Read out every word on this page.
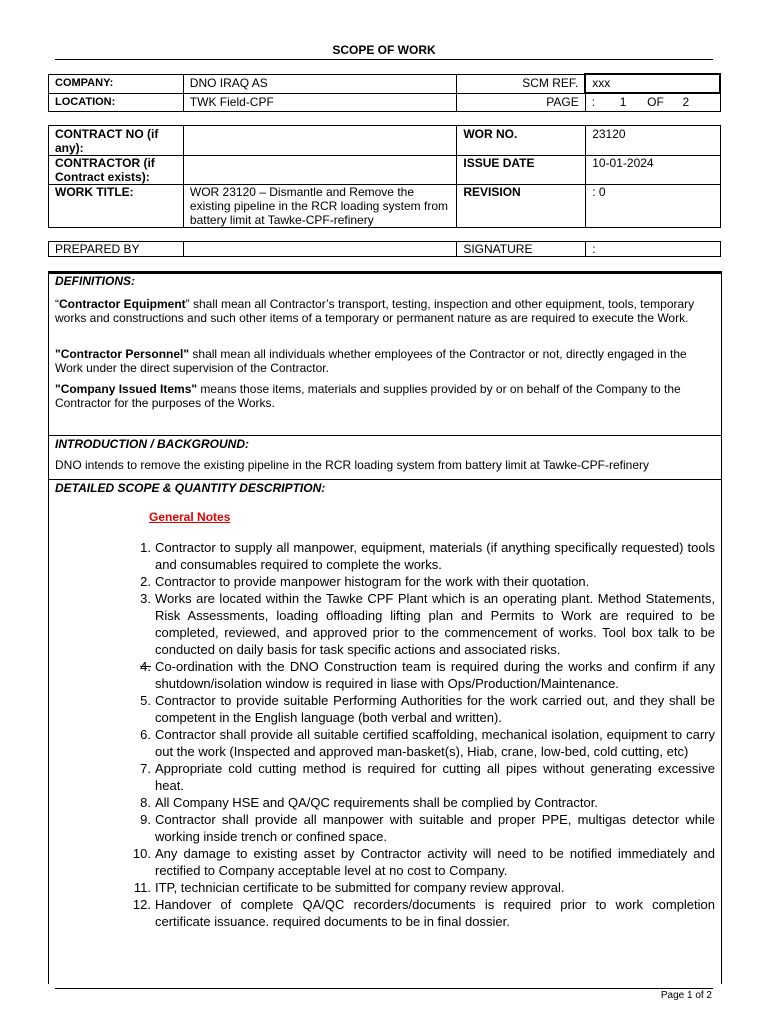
SCOPE OF WORK
COMPANY:	DNO IRAQ AS	SCM REF.	xxx
LOCATION:	TWK Field-CPF	PAGE	: 1 OF 2
CONTRACT NO (if any):		WOR NO.	23120
CONTRACTOR (if Contract exists):		ISSUE DATE	10-01-2024
WORK TITLE:	WOR 23120 – Dismantle and Remove the existing pipeline in the RCR loading system from battery limit at Tawke-CPF-refinery	REVISION	: 0
PREPARED BY		SIGNATURE	:
DEFINITIONS:

“Contractor Equipment” shall mean all Contractor’s transport, testing, inspection and other equipment, tools, temporary works and constructions and such other items of a temporary or permanent nature as are required to execute the Work.

"Contractor Personnel" shall mean all individuals whether employees of the Contractor or not, directly engaged in the Work under the direct supervision of the Contractor.

"Company Issued Items" means those items, materials and supplies provided by or on behalf of the Company to the Contractor for the purposes of the Works.

INTRODUCTION / BACKGROUND:

DNO intends to remove the existing pipeline in the RCR loading system from battery limit at Tawke-CPF-refinery

DETAILED SCOPE & QUANTITY DESCRIPTION:
General Notes
1. Contractor to supply all manpower, equipment, materials (if anything specifically requested) tools and consumables required to complete the works.
2. Contractor to provide manpower histogram for the work with their quotation.
3. Works are located within the Tawke CPF Plant which is an operating plant. Method Statements, Risk Assessments, loading offloading lifting plan and Permits to Work are required to be completed, reviewed, and approved prior to the commencement of works. Tool box talk to be conducted on daily basis for task specific actions and associated risks.
4. Co-ordination with the DNO Construction team is required during the works and confirm if any shutdown/isolation window is required in liase with Ops/Production/Maintenance.
5. Contractor to provide suitable Performing Authorities for the work carried out, and they shall be competent in the English language (both verbal and written).
6. Contractor shall provide all suitable certified scaffolding, mechanical isolation, equipment to carry out the work (Inspected and approved man-basket(s), Hiab, crane, low-bed, cold cutting, etc)
7. Appropriate cold cutting method is required for cutting all pipes without generating excessive heat.
8. All Company HSE and QA/QC requirements shall be complied by Contractor.
9. Contractor shall provide all manpower with suitable and proper PPE, multigas detector while working inside trench or confined space.
10. Any damage to existing asset by Contractor activity will need to be notified immediately and rectified to Company acceptable level at no cost to Company.
11. ITP, technician certificate to be submitted for company review approval.
12. Handover of complete QA/QC recorders/documents is required prior to work completion certificate issuance. required documents to be in final dossier.
Page 1 of 2
